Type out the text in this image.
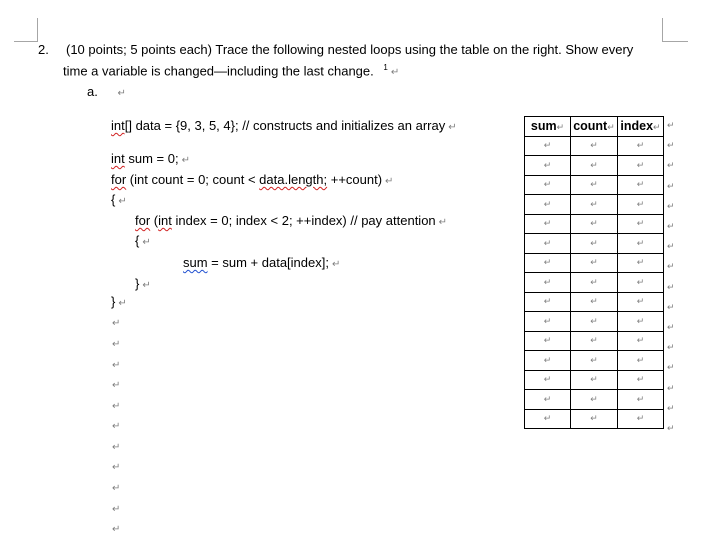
2. (10 points; 5 points each) Trace the following nested loops using the table on the right. Show every
time a variable is changed—including the last change. $^1$ ↵
a. ↵
int[] data = {9, 3, 5, 4}; // constructs and initializes an array ↵
int sum = 0; ↵
for (int count = 0; count < data.length; ++count) ↵
{ ↵
for (int index = 0; index < 2; ++index) // pay attention ↵
{ ↵
sum = sum + data[index]; ↵
} ↵
} ↵
↵
↵
↵
↵
↵
↵
↵
↵
↵
↵
↵
sum↵	count↵	index↵
↵	↵	↵
↵	↵	↵
↵	↵	↵
↵	↵	↵
↵	↵	↵
↵	↵	↵
↵	↵	↵
↵	↵	↵
↵	↵	↵
↵	↵	↵
↵	↵	↵
↵	↵	↵
↵	↵	↵
↵	↵	↵
↵	↵	↵
↵
↵
↵
↵
↵
↵
↵
↵
↵
↵
↵
↵
↵
↵
↵
↵
